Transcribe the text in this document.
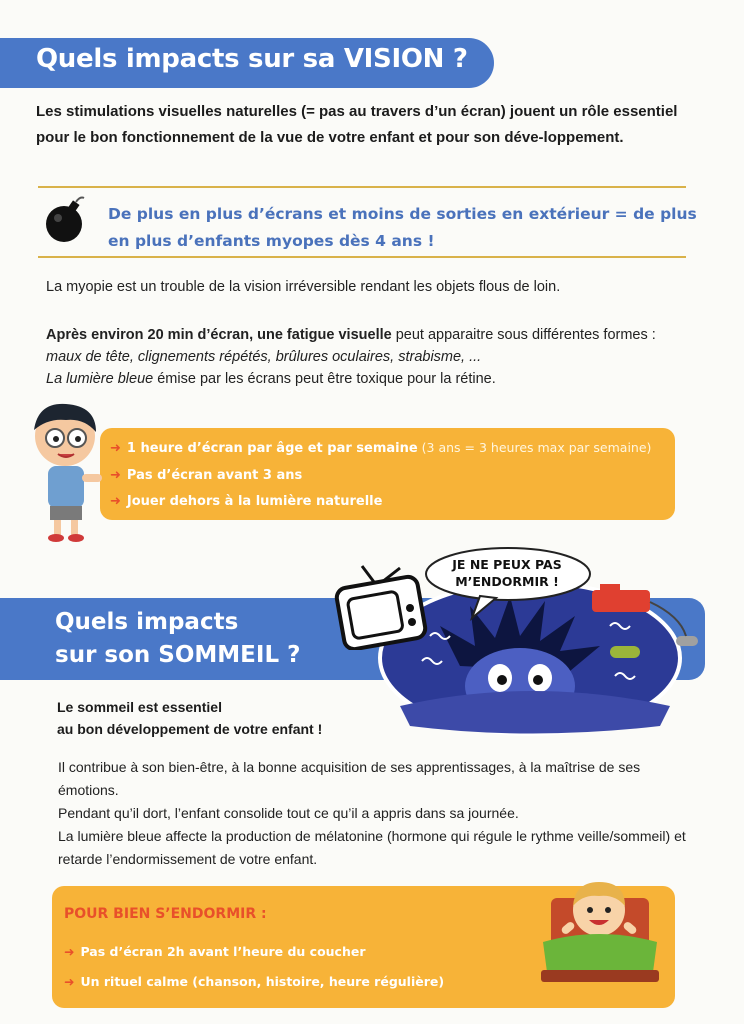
Quels impacts sur sa VISION ?
Les stimulations visuelles naturelles (= pas au travers d’un écran) jouent un rôle essentiel pour le bon fonctionnement de la vue de votre enfant et pour son déve-loppement.
De plus en plus d’écrans et moins de sorties en extérieur = de plus en plus d’enfants myopes dès 4 ans !
La myopie est un trouble de la vision irréversible rendant les objets flous de loin.
Après environ 20 min d’écran, une fatigue visuelle peut apparaitre sous différentes formes : maux de tête, clignements répétés, brûlures oculaires, strabisme, ...
La lumière bleue émise par les écrans peut être toxique pour la rétine.
➜ 1 heure d’écran par âge et par semaine (3 ans = 3 heures max par semaine)
➜ Pas d’écran avant 3 ans
➜ Jouer dehors à la lumière naturelle
JE NE PEUX PAS M’ENDORMIR !
Quels impacts
sur son SOMMEIL ?
Le sommeil est essentiel
au bon développement de votre enfant !
Il contribue à son bien-être, à la bonne acquisition de ses apprentissages, à la maîtrise de ses émotions.
Pendant qu’il dort, l’enfant consolide tout ce qu’il a appris dans sa journée.
La lumière bleue affecte la production de mélatonine (hormone qui régule le rythme veille/sommeil) et retarde l’endormissement de votre enfant.
POUR BIEN S’ENDORMIR :
➜ Pas d’écran 2h avant l’heure du coucher
➜ Un rituel calme (chanson, histoire, heure régulière)
